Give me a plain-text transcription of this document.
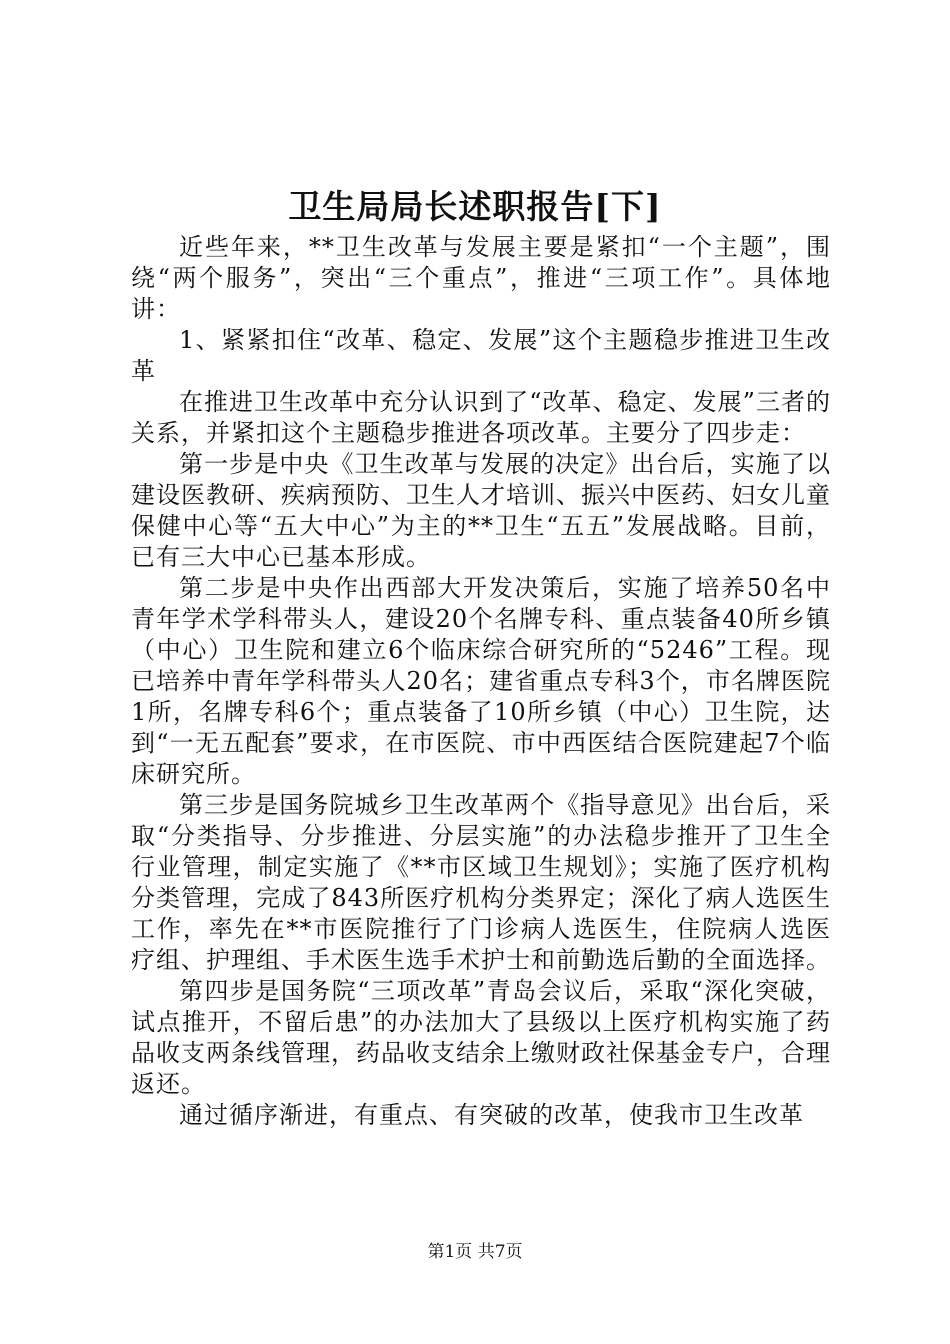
卫生局局长述职报告[下]

近些年来，**卫生改革与发展主要是紧扣“一个主题”，围绕“两个服务”，突出“三个重点”，推进“三项工作”。具体地讲：

1、紧紧扣住“改革、稳定、发展”这个主题稳步推进卫生改革

在推进卫生改革中充分认识到了“改革、稳定、发展”三者的关系，并紧扣这个主题稳步推进各项改革。主要分了四步走：

第一步是中央《卫生改革与发展的决定》出台后，实施了以建设医教研、疾病预防、卫生人才培训、振兴中医药、妇女儿童保健中心等“五大中心”为主的**卫生“五五”发展战略。目前，已有三大中心已基本形成。

第二步是中央作出西部大开发决策后，实施了培养50名中青年学术学科带头人，建设20个名牌专科、重点装备40所乡镇（中心）卫生院和建立6个临床综合研究所的“5246”工程。现已培养中青年学科带头人20名；建省重点专科3个，市名牌医院1所，名牌专科6个；重点装备了10所乡镇（中心）卫生院，达到“一无五配套”要求，在市医院、市中西医结合医院建起7个临床研究所。

第三步是国务院城乡卫生改革两个《指导意见》出台后，采取“分类指导、分步推进、分层实施”的办法稳步推开了卫生全行业管理，制定实施了《**市区域卫生规划》；实施了医疗机构分类管理，完成了843所医疗机构分类界定；深化了病人选医生工作，率先在**市医院推行了门诊病人选医生，住院病人选医疗组、护理组、手术医生选手术护士和前勤选后勤的全面选择。

第四步是国务院“三项改革”青岛会议后，采取“深化突破，试点推开，不留后患”的办法加大了县级以上医疗机构实施了药品收支两条线管理，药品收支结余上缴财政社保基金专户，合理返还。

通过循序渐进，有重点、有突破的改革，使我市卫生改革

第1页 共7页
